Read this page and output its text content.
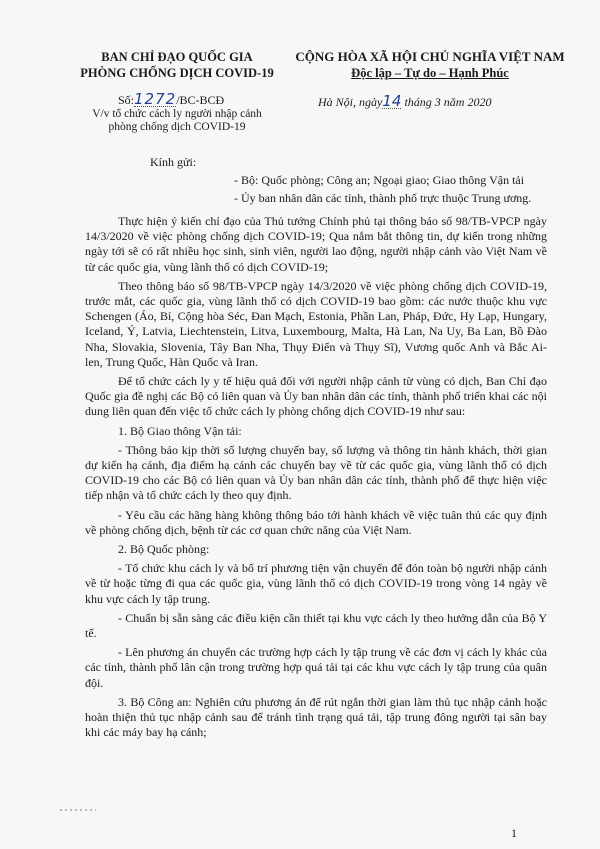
BAN CHỈ ĐẠO QUỐC GIA
PHÒNG CHỐNG DỊCH COVID-19
CỘNG HÒA XÃ HỘI CHỦ NGHĨA VIỆT NAM
Độc lập – Tự do – Hạnh Phúc
Số:1272/BC-BCĐ
V/v tổ chức cách ly người nhập cảnh
phòng chống dịch COVID-19
Hà Nội, ngày14 tháng 3 năm 2020
Kính gửi:
- Bộ: Quốc phòng; Công an; Ngoại giao; Giao thông Vận tải
- Ủy ban nhân dân các tỉnh, thành phố trực thuộc Trung ương.

Thực hiện ý kiến chỉ đạo của Thủ tướng Chính phủ tại thông báo số 98/TB-VPCP ngày 14/3/2020 về việc phòng chống dịch COVID-19; Qua nắm bắt thông tin, dự kiến trong những ngày tới sẽ có rất nhiều học sinh, sinh viên, người lao động, người nhập cảnh vào Việt Nam về từ các quốc gia, vùng lãnh thổ có dịch COVID-19;

Theo thông báo số 98/TB-VPCP ngày 14/3/2020 về việc phòng chống dịch COVID-19, trước mắt, các quốc gia, vùng lãnh thổ có dịch COVID-19 bao gồm: các nước thuộc khu vực Schengen (Áo, Bỉ, Cộng hòa Séc, Đan Mạch, Estonia, Phần Lan, Pháp, Đức, Hy Lạp, Hungary, Iceland, Ý, Latvia, Liechtenstein, Litva, Luxembourg, Malta, Hà Lan, Na Uy, Ba Lan, Bồ Đào Nha, Slovakia, Slovenia, Tây Ban Nha, Thụy Điển và Thụy Sĩ), Vương quốc Anh và Bắc Ai-len, Trung Quốc, Hàn Quốc và Iran.

Để tổ chức cách ly y tế hiệu quả đối với người nhập cảnh từ vùng có dịch, Ban Chỉ đạo Quốc gia đề nghị các Bộ có liên quan và Ủy ban nhân dân các tỉnh, thành phố triển khai các nội dung liên quan đến việc tổ chức cách ly phòng chống dịch COVID-19 như sau:

1. Bộ Giao thông Vận tải:

- Thông báo kịp thời số lượng chuyến bay, số lượng và thông tin hành khách, thời gian dự kiến hạ cánh, địa điểm hạ cánh các chuyến bay về từ các quốc gia, vùng lãnh thổ có dịch COVID-19 cho các Bộ có liên quan và Ủy ban nhân dân các tỉnh, thành phố để thực hiện việc tiếp nhận và tổ chức cách ly theo quy định.

- Yêu cầu các hãng hàng không thông báo tới hành khách về việc tuân thủ các quy định về phòng chống dịch, bệnh từ các cơ quan chức năng của Việt Nam.

2. Bộ Quốc phòng:

- Tổ chức khu cách ly và bố trí phương tiện vận chuyển để đón toàn bộ người nhập cảnh về từ hoặc từng đi qua các quốc gia, vùng lãnh thổ có dịch COVID-19 trong vòng 14 ngày về khu vực cách ly tập trung.

- Chuẩn bị sẵn sàng các điều kiện cần thiết tại khu vực cách ly theo hướng dẫn của Bộ Y tế.

- Lên phương án chuyển các trường hợp cách ly tập trung về các đơn vị cách ly khác của các tỉnh, thành phố lân cận trong trường hợp quá tải tại các khu vực cách ly tập trung của quân đội.

3. Bộ Công an: Nghiên cứu phương án để rút ngắn thời gian làm thủ tục nhập cảnh hoặc hoàn thiện thủ tục nhập cảnh sau để tránh tình trạng quá tải, tập trung đông người tại sân bay khi các máy bay hạ cánh;

1
